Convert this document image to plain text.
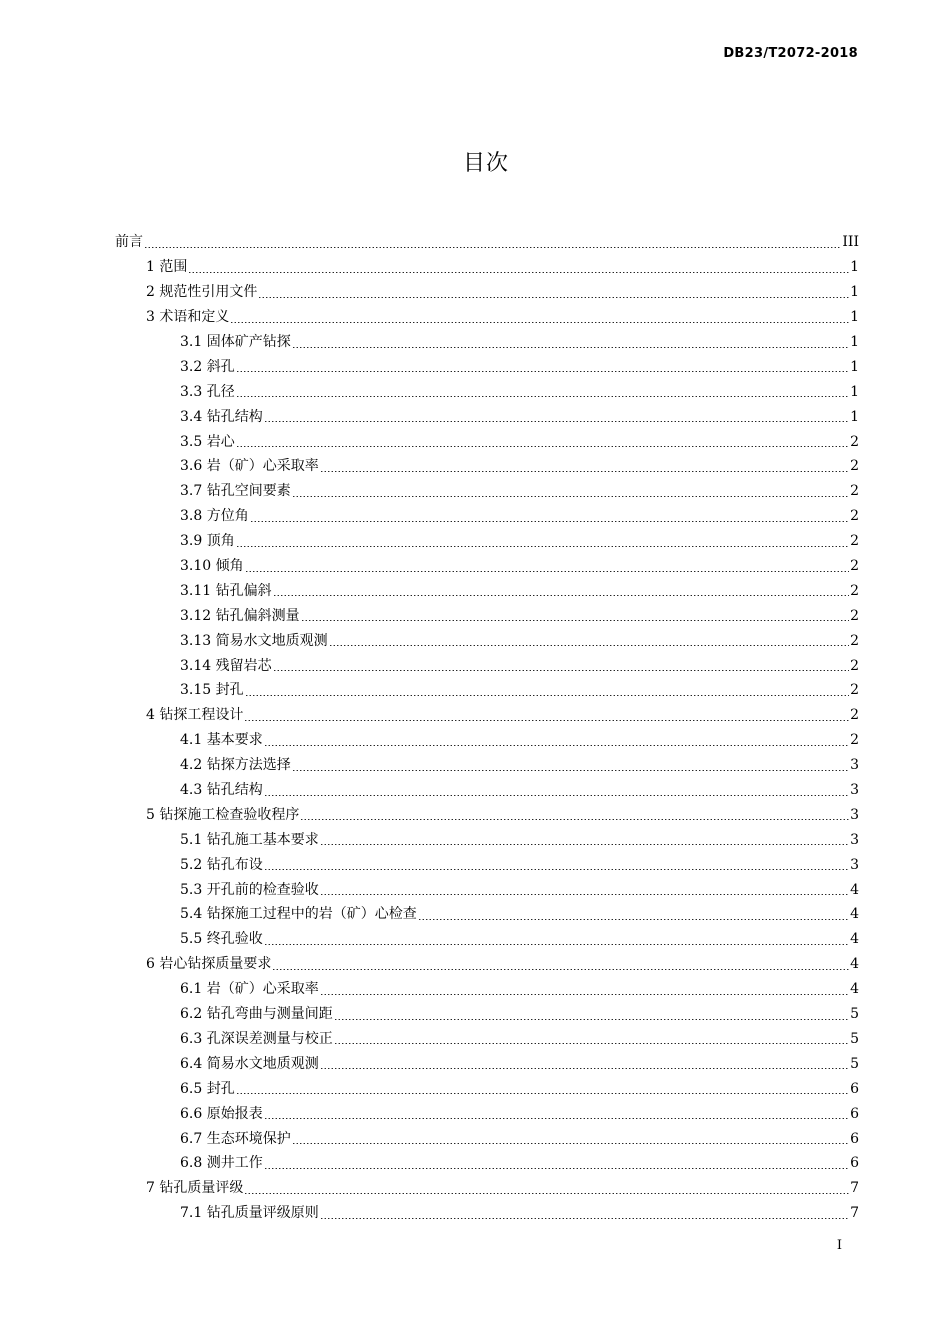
DB23/T2072-2018
目次
前言	III
1 范围	1
2 规范性引用文件	1
3 术语和定义	1
3.1 固体矿产钻探	1
3.2 斜孔	1
3.3 孔径	1
3.4 钻孔结构	1
3.5 岩心	2
3.6 岩（矿）心采取率	2
3.7 钻孔空间要素	2
3.8 方位角	2
3.9 顶角	2
3.10 倾角	2
3.11 钻孔偏斜	2
3.12 钻孔偏斜测量	2
3.13 简易水文地质观测	2
3.14 残留岩芯	2
3.15 封孔	2
4 钻探工程设计	2
4.1 基本要求	2
4.2 钻探方法选择	3
4.3 钻孔结构	3
5 钻探施工检查验收程序	3
5.1 钻孔施工基本要求	3
5.2 钻孔布设	3
5.3 开孔前的检查验收	4
5.4 钻探施工过程中的岩（矿）心检查	4
5.5 终孔验收	4
6 岩心钻探质量要求	4
6.1 岩（矿）心采取率	4
6.2 钻孔弯曲与测量间距	5
6.3 孔深误差测量与校正	5
6.4 简易水文地质观测	5
6.5 封孔	6
6.6 原始报表	6
6.7 生态环境保护	6
6.8 测井工作	6
7 钻孔质量评级	7
7.1 钻孔质量评级原则	7
I
